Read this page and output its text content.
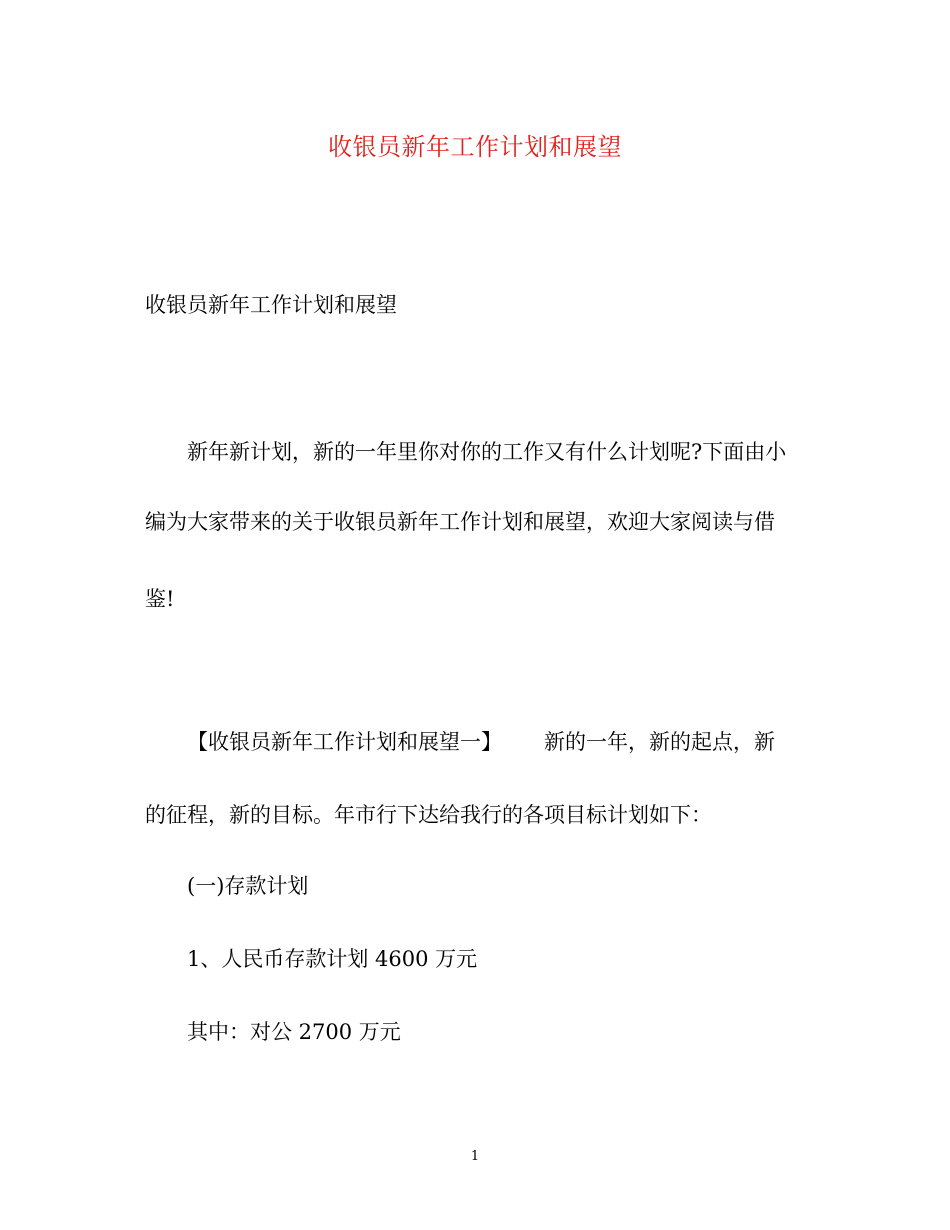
收银员新年工作计划和展望
收银员新年工作计划和展望
新年新计划，新的一年里你对你的工作又有什么计划呢?下面由小
编为大家带来的关于收银员新年工作计划和展望，欢迎大家阅读与借
鉴!
【收银员新年工作计划和展望一】 新的一年，新的起点，新
的征程，新的目标。年市行下达给我行的各项目标计划如下：
(一)存款计划
1、人民币存款计划 4600 万元
其中：对公 2700 万元
1
